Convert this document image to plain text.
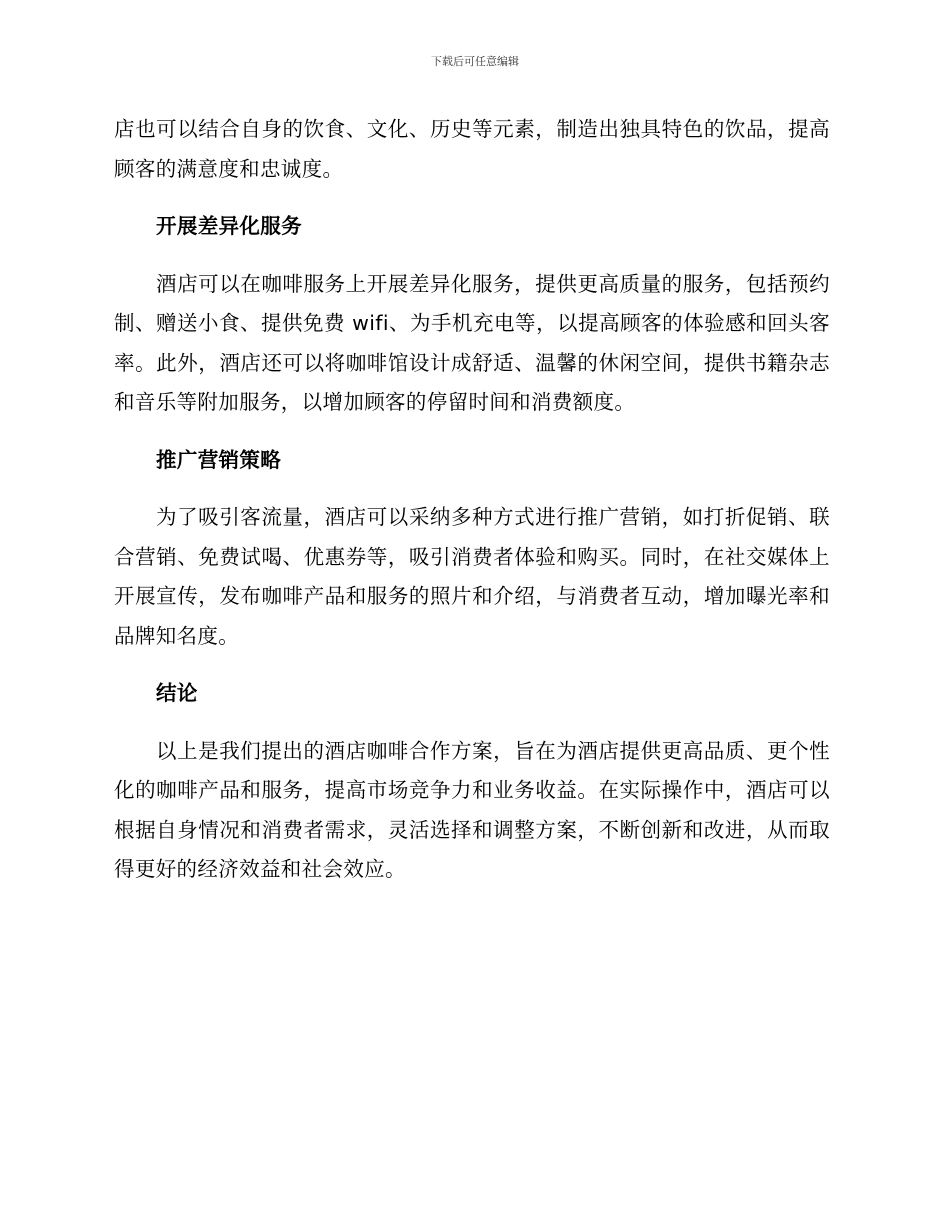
下载后可任意编辑

店也可以结合自身的饮食、文化、历史等元素，制造出独具特色的饮品，提高顾客的满意度和忠诚度。

开展差异化服务

酒店可以在咖啡服务上开展差异化服务，提供更高质量的服务，包括预约制、赠送小食、提供免费 wifi、为手机充电等，以提高顾客的体验感和回头客率。此外，酒店还可以将咖啡馆设计成舒适、温馨的休闲空间，提供书籍杂志和音乐等附加服务，以增加顾客的停留时间和消费额度。

推广营销策略

为了吸引客流量，酒店可以采纳多种方式进行推广营销，如打折促销、联合营销、免费试喝、优惠券等，吸引消费者体验和购买。同时，在社交媒体上开展宣传，发布咖啡产品和服务的照片和介绍，与消费者互动，增加曝光率和品牌知名度。

结论

以上是我们提出的酒店咖啡合作方案，旨在为酒店提供更高品质、更个性化的咖啡产品和服务，提高市场竞争力和业务收益。在实际操作中，酒店可以根据自身情况和消费者需求，灵活选择和调整方案，不断创新和改进，从而取得更好的经济效益和社会效应。
